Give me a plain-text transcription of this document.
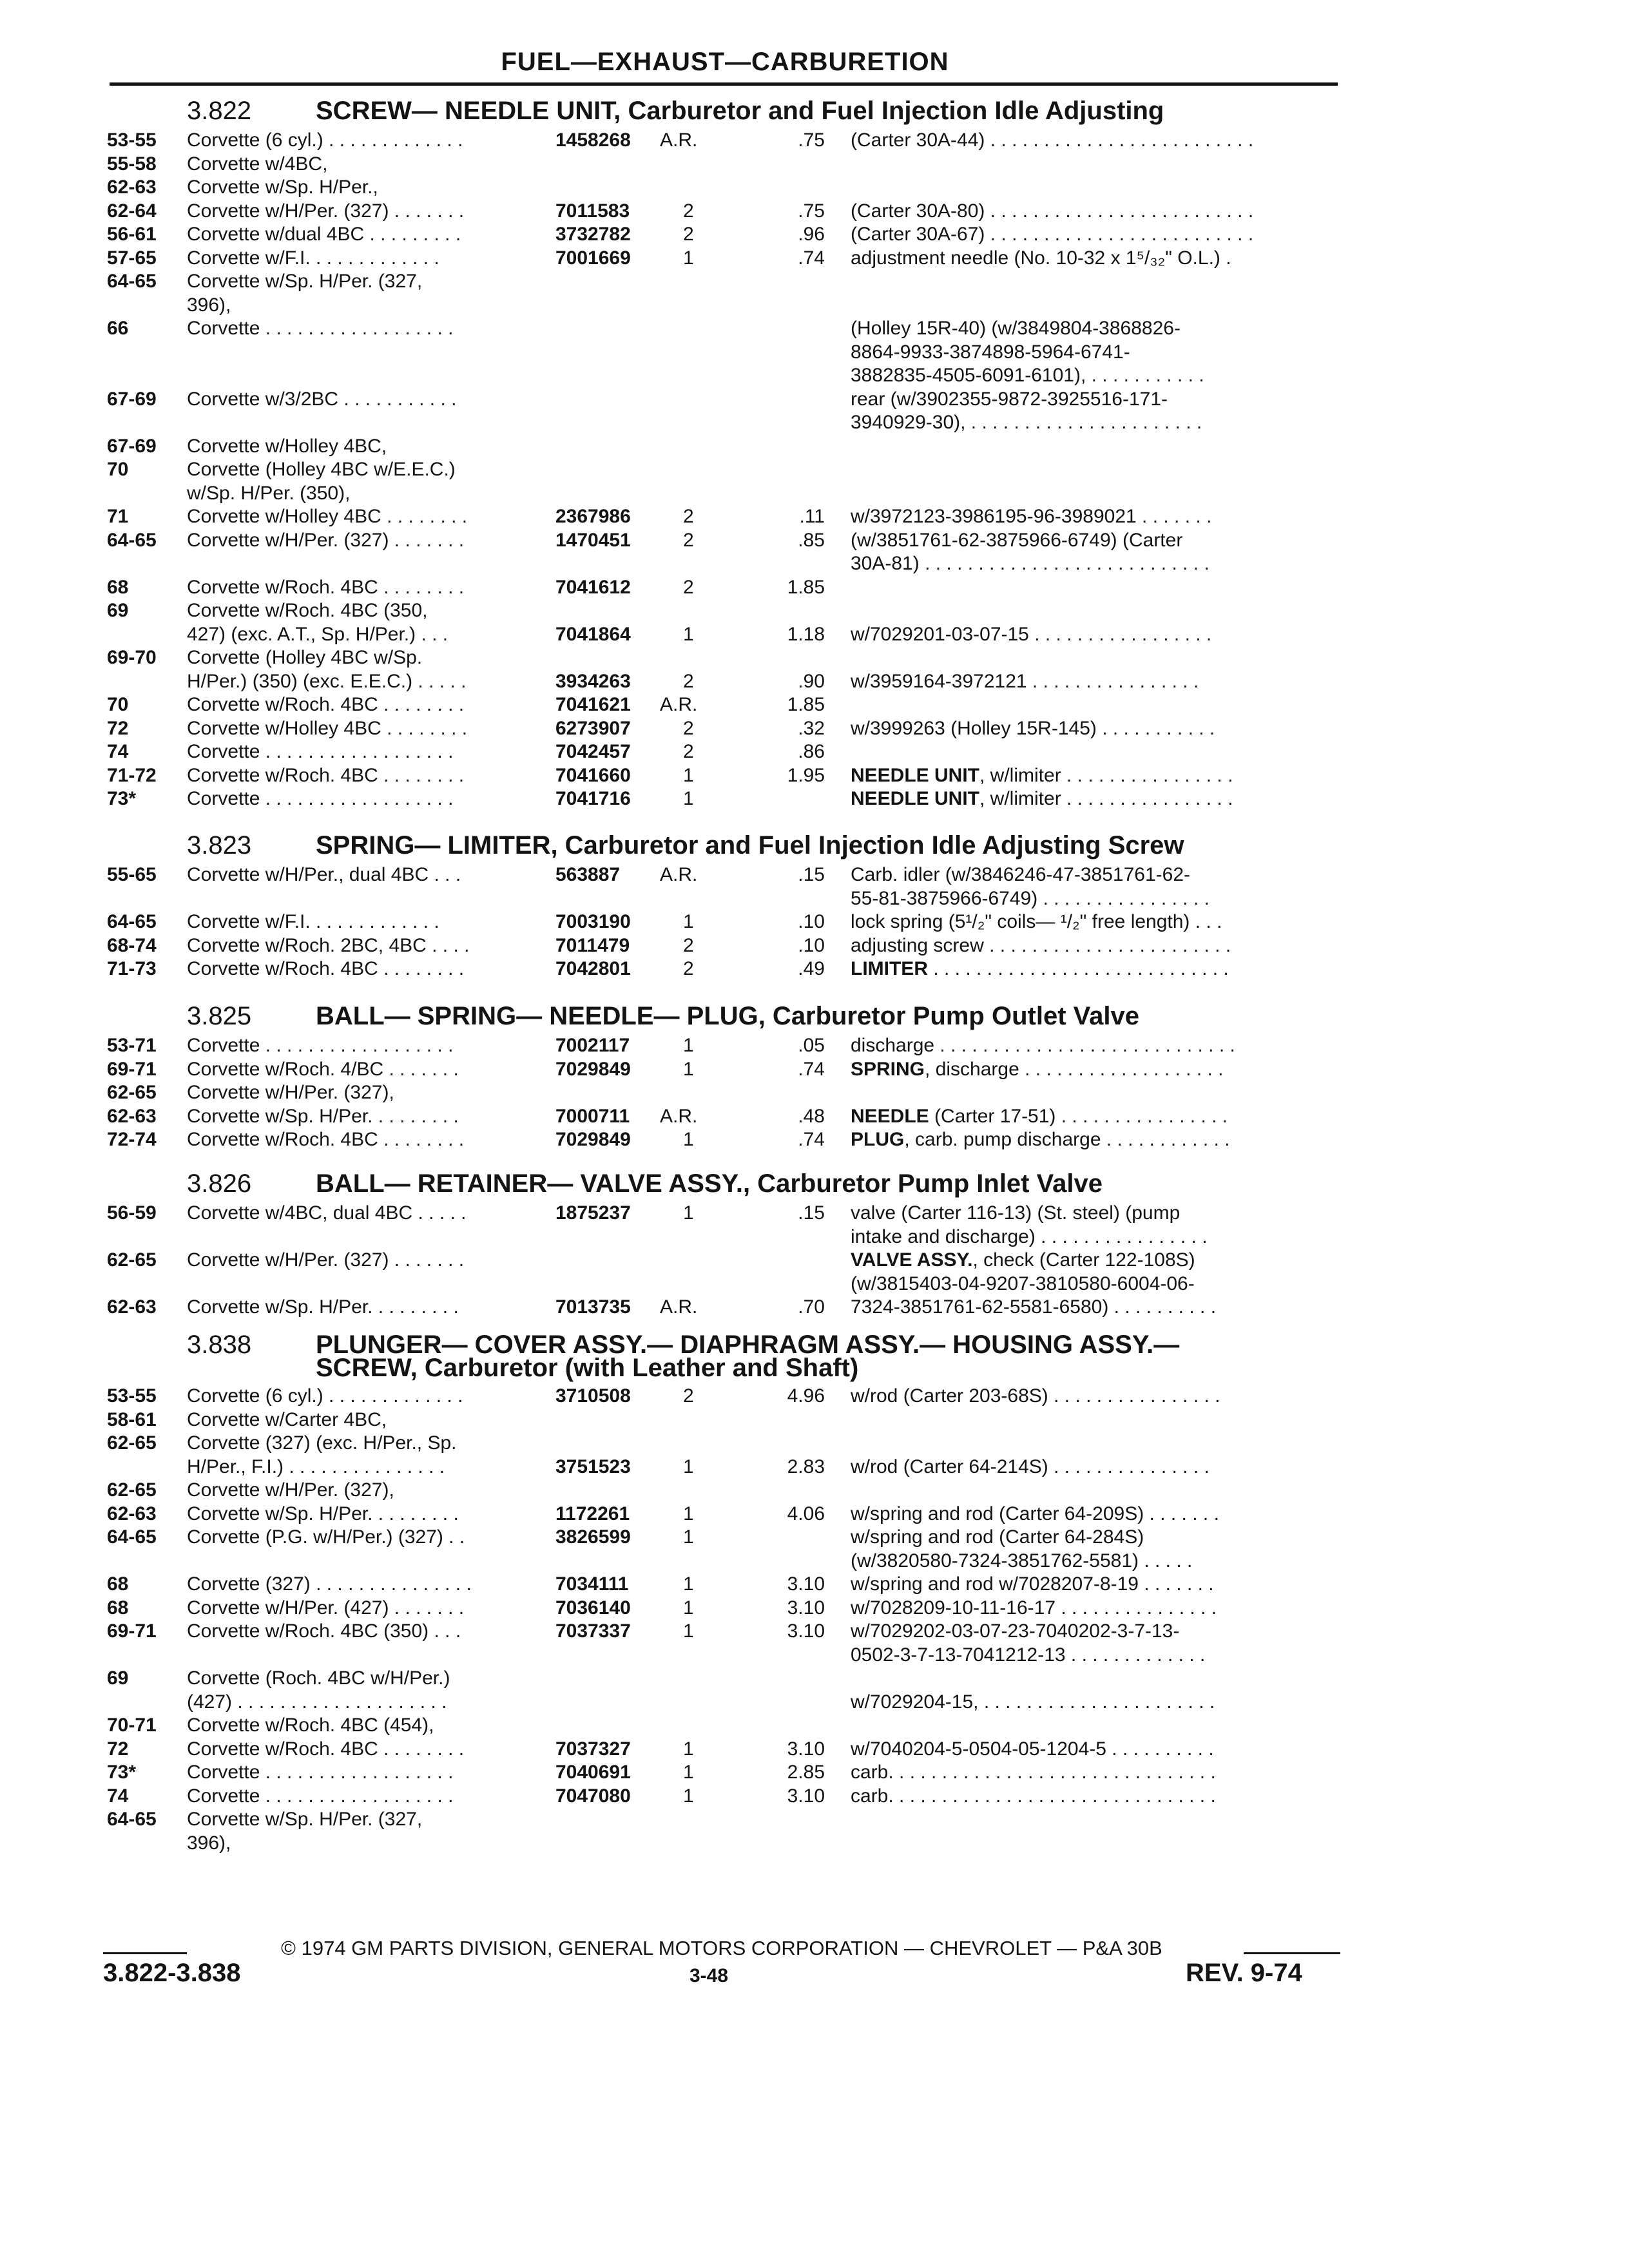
FUEL—EXHAUST—CARBURETION
3.822 SCREW— NEEDLE UNIT, Carburetor and Fuel Injection Idle Adjusting
53-55 Corvette (6 cyl.) . . . . . . . . . . . . .	1458268 A.R.	.75 (Carter 30A-44) . . . . . . . . . . . . . . . . . . . . . . . . .
55-58 Corvette w/4BC,
62-63 Corvette w/Sp. H/Per.,
62-64 Corvette w/H/Per. (327) . . . . . . .	7011583	2	.75 (Carter 30A-80) . . . . . . . . . . . . . . . . . . . . . . . . .
56-61 Corvette w/dual 4BC . . . . . . . . .	3732782	2	.96 (Carter 30A-67) . . . . . . . . . . . . . . . . . . . . . . . . .
57-65 Corvette w/F.I. . . . . . . . . . . . .	7001669	1	.74 adjustment needle (No. 10-32 x 1⁵/₃₂" O.L.) .
64-65 Corvette w/Sp. H/Per. (327,
396),
66	Corvette . . . . . . . . . . . . . . . . . .	(Holley 15R-40) (w/3849804-3868826-
8864-9933-3874898-5964-6741-
3882835-4505-6091-6101), . . . . . . . . . . .
67-69 Corvette w/3/2BC . . . . . . . . . . .	rear (w/3902355-9872-3925516-171-
3940929-30), . . . . . . . . . . . . . . . . . . . . . .
67-69 Corvette w/Holley 4BC,
70	Corvette (Holley 4BC w/E.E.C.)
w/Sp. H/Per. (350),
71	Corvette w/Holley 4BC . . . . . . . .	2367986	2	.11 w/3972123-3986195-96-3989021 . . . . . . .
64-65 Corvette w/H/Per. (327) . . . . . . .	1470451	2	.85 (w/3851761-62-3875966-6749) (Carter
30A-81) . . . . . . . . . . . . . . . . . . . . . . . . . . .
68	Corvette w/Roch. 4BC . . . . . . . .	7041612	2	1.85
69	Corvette w/Roch. 4BC (350,
427) (exc. A.T., Sp. H/Per.) . . .	7041864	1	1.18 w/7029201-03-07-15 . . . . . . . . . . . . . . . . .
69-70 Corvette (Holley 4BC w/Sp.
H/Per.) (350) (exc. E.E.C.) . . . . .	3934263	2	.90 w/3959164-3972121 . . . . . . . . . . . . . . . .
70	Corvette w/Roch. 4BC . . . . . . . .	7041621 A.R.	1.85
72	Corvette w/Holley 4BC . . . . . . . .	6273907	2	.32 w/3999263 (Holley 15R-145) . . . . . . . . . . .
74	Corvette . . . . . . . . . . . . . . . . . .	7042457	2	.86
71-72 Corvette w/Roch. 4BC . . . . . . . .	7041660	1	1.95 NEEDLE UNIT, w/limiter . . . . . . . . . . . . . . . .
73*	Corvette . . . . . . . . . . . . . . . . . .	7041716	1	NEEDLE UNIT, w/limiter . . . . . . . . . . . . . . . .
3.823 SPRING— LIMITER, Carburetor and Fuel Injection Idle Adjusting Screw
55-65 Corvette w/H/Per., dual 4BC . . .	563887 A.R.	.15 Carb. idler (w/3846246-47-3851761-62-
55-81-3875966-6749) . . . . . . . . . . . . . . . .
64-65 Corvette w/F.I. . . . . . . . . . . . .	7003190	1	.10 lock spring (5¹/₂" coils— ¹/₂" free length) . . .
68-74 Corvette w/Roch. 2BC, 4BC . . . .	7011479	2	.10 adjusting screw . . . . . . . . . . . . . . . . . . . . . . .
71-73 Corvette w/Roch. 4BC . . . . . . . .	7042801	2	.49 LIMITER . . . . . . . . . . . . . . . . . . . . . . . . . . . .
3.825 BALL— SPRING— NEEDLE— PLUG, Carburetor Pump Outlet Valve
53-71 Corvette . . . . . . . . . . . . . . . . . .	7002117	1	.05 discharge . . . . . . . . . . . . . . . . . . . . . . . . . . . .
69-71 Corvette w/Roch. 4/BC . . . . . . .	7029849	1	.74 SPRING, discharge . . . . . . . . . . . . . . . . . . .
62-65 Corvette w/H/Per. (327),
62-63 Corvette w/Sp. H/Per. . . . . . . . .	7000711 A.R.	.48 NEEDLE (Carter 17-51) . . . . . . . . . . . . . . . .
72-74 Corvette w/Roch. 4BC . . . . . . . .	7029849	1	.74 PLUG, carb. pump discharge . . . . . . . . . . . .
3.826 BALL— RETAINER— VALVE ASSY., Carburetor Pump Inlet Valve
56-59 Corvette w/4BC, dual 4BC . . . . .	1875237	1	.15 valve (Carter 116-13) (St. steel) (pump
intake and discharge) . . . . . . . . . . . . . . . .
62-65 Corvette w/H/Per. (327) . . . . . . .	VALVE ASSY., check (Carter 122-108S)
(w/3815403-04-9207-3810580-6004-06-
62-63 Corvette w/Sp. H/Per. . . . . . . . .	7013735 A.R.	.70 7324-3851761-62-5581-6580) . . . . . . . . . .
3.838 PLUNGER— COVER ASSY.— DIAPHRAGM ASSY.— HOUSING ASSY.—
SCREW, Carburetor (with Leather and Shaft)
53-55 Corvette (6 cyl.) . . . . . . . . . . . . .	3710508	2	4.96 w/rod (Carter 203-68S) . . . . . . . . . . . . . . . .
58-61 Corvette w/Carter 4BC,
62-65 Corvette (327) (exc. H/Per., Sp.
H/Per., F.I.) . . . . . . . . . . . . . . .	3751523	1	2.83 w/rod (Carter 64-214S) . . . . . . . . . . . . . . .
62-65 Corvette w/H/Per. (327),
62-63 Corvette w/Sp. H/Per. . . . . . . . .	1172261	1	4.06 w/spring and rod (Carter 64-209S) . . . . . . .
64-65 Corvette (P.G. w/H/Per.) (327) . .	3826599	1	w/spring and rod (Carter 64-284S)
(w/3820580-7324-3851762-5581) . . . . .
68	Corvette (327) . . . . . . . . . . . . . . .	7034111	1	3.10 w/spring and rod w/7028207-8-19 . . . . . . .
68	Corvette w/H/Per. (427) . . . . . . .	7036140	1	3.10 w/7028209-10-11-16-17 . . . . . . . . . . . . . . .
69-71 Corvette w/Roch. 4BC (350) . . .	7037337	1	3.10 w/7029202-03-07-23-7040202-3-7-13-
0502-3-7-13-7041212-13 . . . . . . . . . . . . .
69	Corvette (Roch. 4BC w/H/Per.)
(427) . . . . . . . . . . . . . . . . . . . .	w/7029204-15, . . . . . . . . . . . . . . . . . . . . . .
70-71 Corvette w/Roch. 4BC (454),
72	Corvette w/Roch. 4BC . . . . . . . .	7037327	1	3.10 w/7040204-5-0504-05-1204-5 . . . . . . . . . .
73*	Corvette . . . . . . . . . . . . . . . . . .	7040691	1	2.85 carb. . . . . . . . . . . . . . . . . . . . . . . . . . . . . . .
74	Corvette . . . . . . . . . . . . . . . . . .	7047080	1	3.10 carb. . . . . . . . . . . . . . . . . . . . . . . . . . . . . . .
64-65 Corvette w/Sp. H/Per. (327,
396),
© 1974 GM PARTS DIVISION, GENERAL MOTORS CORPORATION — CHEVROLET — P&A 30B
3.822-3.838	3-48	REV. 9-74
